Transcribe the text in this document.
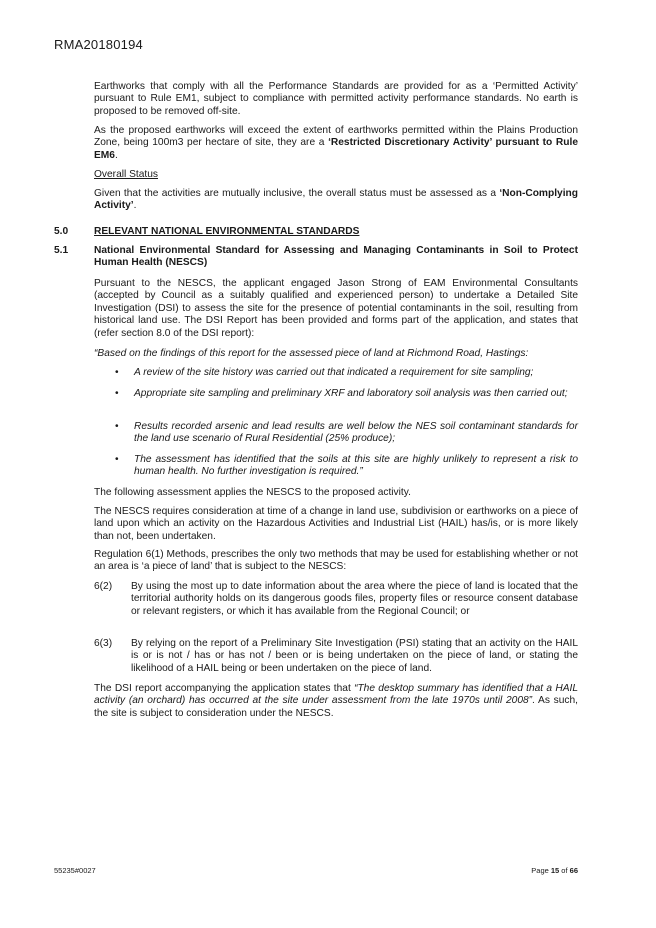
RMA20180194

Earthworks that comply with all the Performance Standards are provided for as a ‘Permitted Activity’ pursuant to Rule EM1, subject to compliance with permitted activity performance standards. No earth is proposed to be removed off-site.

As the proposed earthworks will exceed the extent of earthworks permitted within the Plains Production Zone, being 100m3 per hectare of site, they are a ‘Restricted Discretionary Activity’ pursuant to Rule EM6.

Overall Status

Given that the activities are mutually inclusive, the overall status must be assessed as a ‘Non-Complying Activity’.

5.0	RELEVANT NATIONAL ENVIRONMENTAL STANDARDS
5.1	National Environmental Standard for Assessing and Managing Contaminants in Soil to Protect Human Health (NESCS)

Pursuant to the NESCS, the applicant engaged Jason Strong of EAM Environmental Consultants (accepted by Council as a suitably qualified and experienced person) to undertake a Detailed Site Investigation (DSI) to assess the site for the presence of potential contaminants in the soil, resulting from historical land use. The DSI Report has been provided and forms part of the application, and states that (refer section 8.0 of the DSI report):

“Based on the findings of this report for the assessed piece of land at Richmond Road, Hastings:

• A review of the site history was carried out that indicated a requirement for site sampling;
• Appropriate site sampling and preliminary XRF and laboratory soil analysis was then carried out;
• Results recorded arsenic and lead results are well below the NES soil contaminant standards for the land use scenario of Rural Residential (25% produce);
• The assessment has identified that the soils at this site are highly unlikely to represent a risk to human health. No further investigation is required.”

The following assessment applies the NESCS to the proposed activity.

The NESCS requires consideration at time of a change in land use, subdivision or earthworks on a piece of land upon which an activity on the Hazardous Activities and Industrial List (HAIL) has/is, or is more likely than not, been undertaken.

Regulation 6(1) Methods, prescribes the only two methods that may be used for establishing whether or not an area is ‘a piece of land’ that is subject to the NESCS:

6(2) By using the most up to date information about the area where the piece of land is located that the territorial authority holds on its dangerous goods files, property files or resource consent database or relevant registers, or which it has available from the Regional Council; or
6(3) By relying on the report of a Preliminary Site Investigation (PSI) stating that an activity on the HAIL is or is not / has or has not / been or is being undertaken on the piece of land, or stating the likelihood of a HAIL being or been undertaken on the piece of land.

The DSI report accompanying the application states that “The desktop summary has identified that a HAIL activity (an orchard) has occurred at the site under assessment from the late 1970s until 2008”. As such, the site is subject to consideration under the NESCS.

55235#0027	Page 15 of 66
